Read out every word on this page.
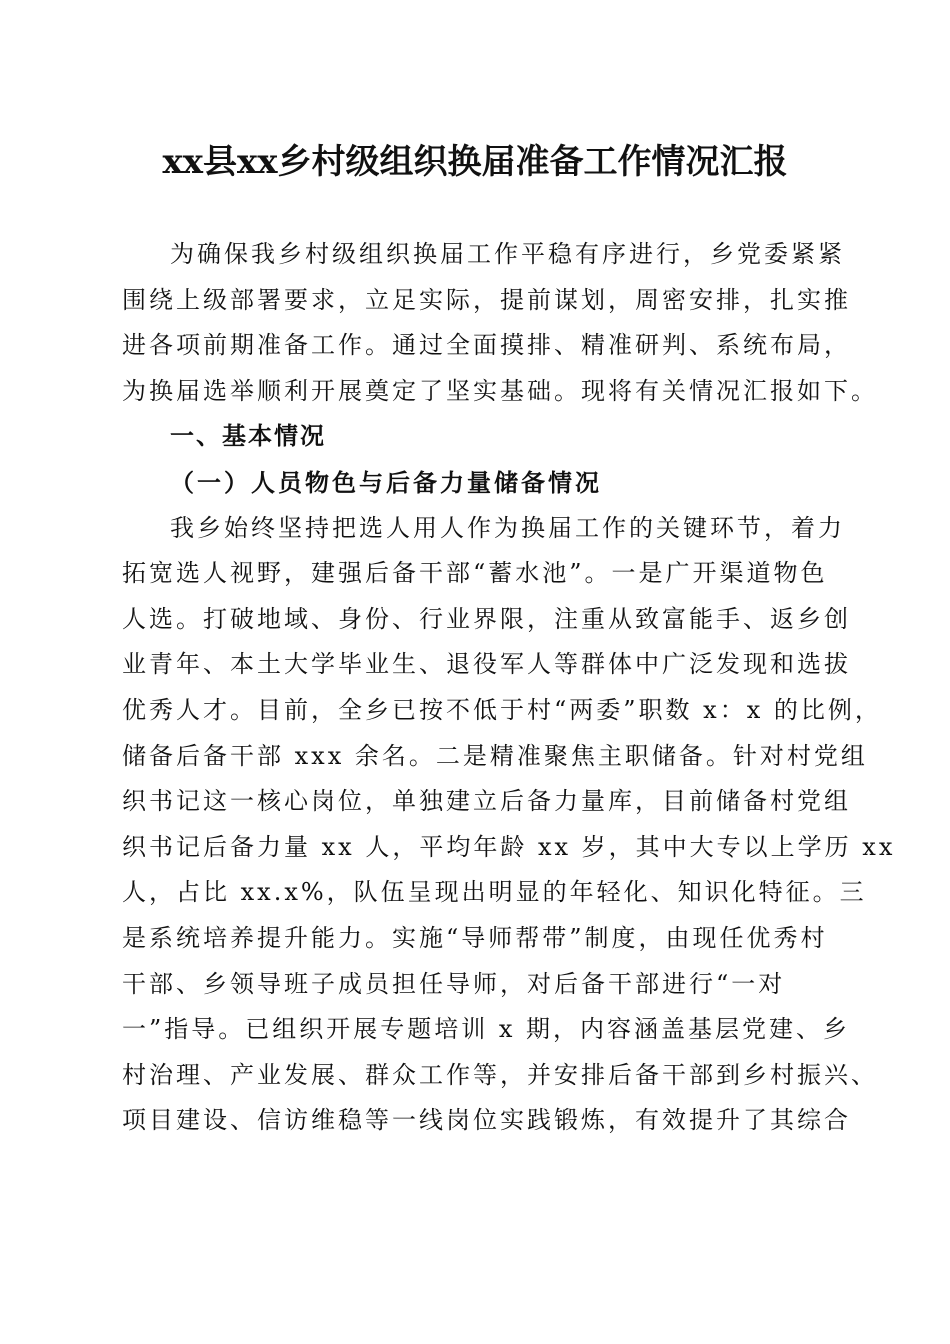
xx县xx乡村级组织换届准备工作情况汇报
为确保我乡村级组织换届工作平稳有序进行，乡党委紧紧
围绕上级部署要求，立足实际，提前谋划，周密安排，扎实推
进各项前期准备工作。通过全面摸排、精准研判、系统布局，
为换届选举顺利开展奠定了坚实基础。现将有关情况汇报如下。
一、基本情况
（一）人员物色与后备力量储备情况
我乡始终坚持把选人用人作为换届工作的关键环节，着力
拓宽选人视野，建强后备干部“蓄水池”。一是广开渠道物色
人选。打破地域、身份、行业界限，注重从致富能手、返乡创
业青年、本土大学毕业生、退役军人等群体中广泛发现和选拔
优秀人才。目前，全乡已按不低于村“两委”职数 x：x 的比例，
储备后备干部 xxx 余名。二是精准聚焦主职储备。针对村党组
织书记这一核心岗位，单独建立后备力量库，目前储备村党组
织书记后备力量 xx 人，平均年龄 xx 岁，其中大专以上学历 xx
人，占比 xx.x%，队伍呈现出明显的年轻化、知识化特征。三
是系统培养提升能力。实施“导师帮带”制度，由现任优秀村
干部、乡领导班子成员担任导师，对后备干部进行“一对
一”指导。已组织开展专题培训 x 期，内容涵盖基层党建、乡
村治理、产业发展、群众工作等，并安排后备干部到乡村振兴、
项目建设、信访维稳等一线岗位实践锻炼，有效提升了其综合
